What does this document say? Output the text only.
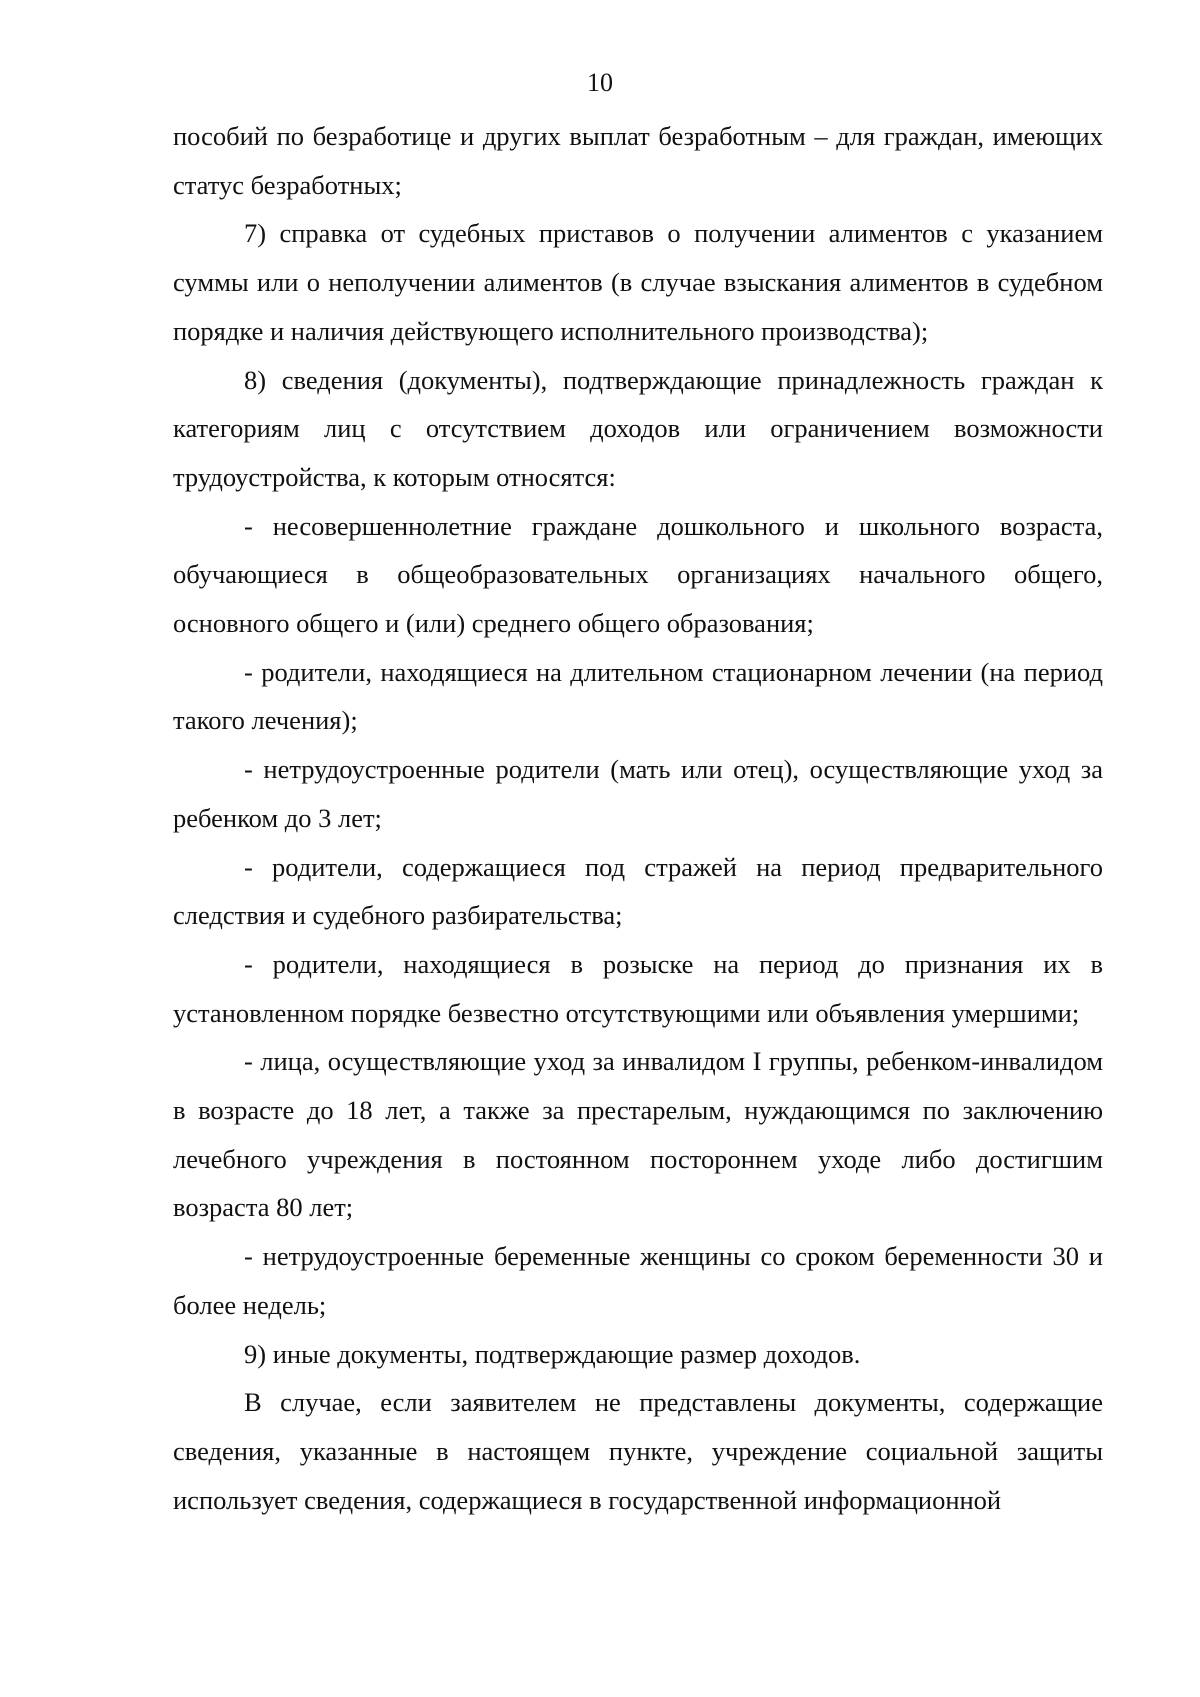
10

пособий по безработице и других выплат безработным – для граждан, имеющих статус безработных;

7) справка от судебных приставов о получении алиментов с указанием суммы или о неполучении алиментов (в случае взыскания алиментов в судебном порядке и наличия действующего исполнительного производства);

8) сведения (документы), подтверждающие принадлежность граждан к категориям лиц с отсутствием доходов или ограничением возможности трудоустройства, к которым относятся:

- несовершеннолетние граждане дошкольного и школьного возраста, обучающиеся в общеобразовательных организациях начального общего, основного общего и (или) среднего общего образования;

- родители, находящиеся на длительном стационарном лечении (на период такого лечения);

- нетрудоустроенные родители (мать или отец), осуществляющие уход за ребенком до 3 лет;

- родители, содержащиеся под стражей на период предварительного следствия и судебного разбирательства;

- родители, находящиеся в розыске на период до признания их в установленном порядке безвестно отсутствующими или объявления умершими;

- лица, осуществляющие уход за инвалидом I группы, ребенком-инвалидом в возрасте до 18 лет, а также за престарелым, нуждающимся по заключению лечебного учреждения в постоянном постороннем уходе либо достигшим возраста 80 лет;

- нетрудоустроенные беременные женщины со сроком беременности 30 и более недель;

9) иные документы, подтверждающие размер доходов.

В случае, если заявителем не представлены документы, содержащие сведения, указанные в настоящем пункте, учреждение социальной защиты использует сведения, содержащиеся в государственной информационной
